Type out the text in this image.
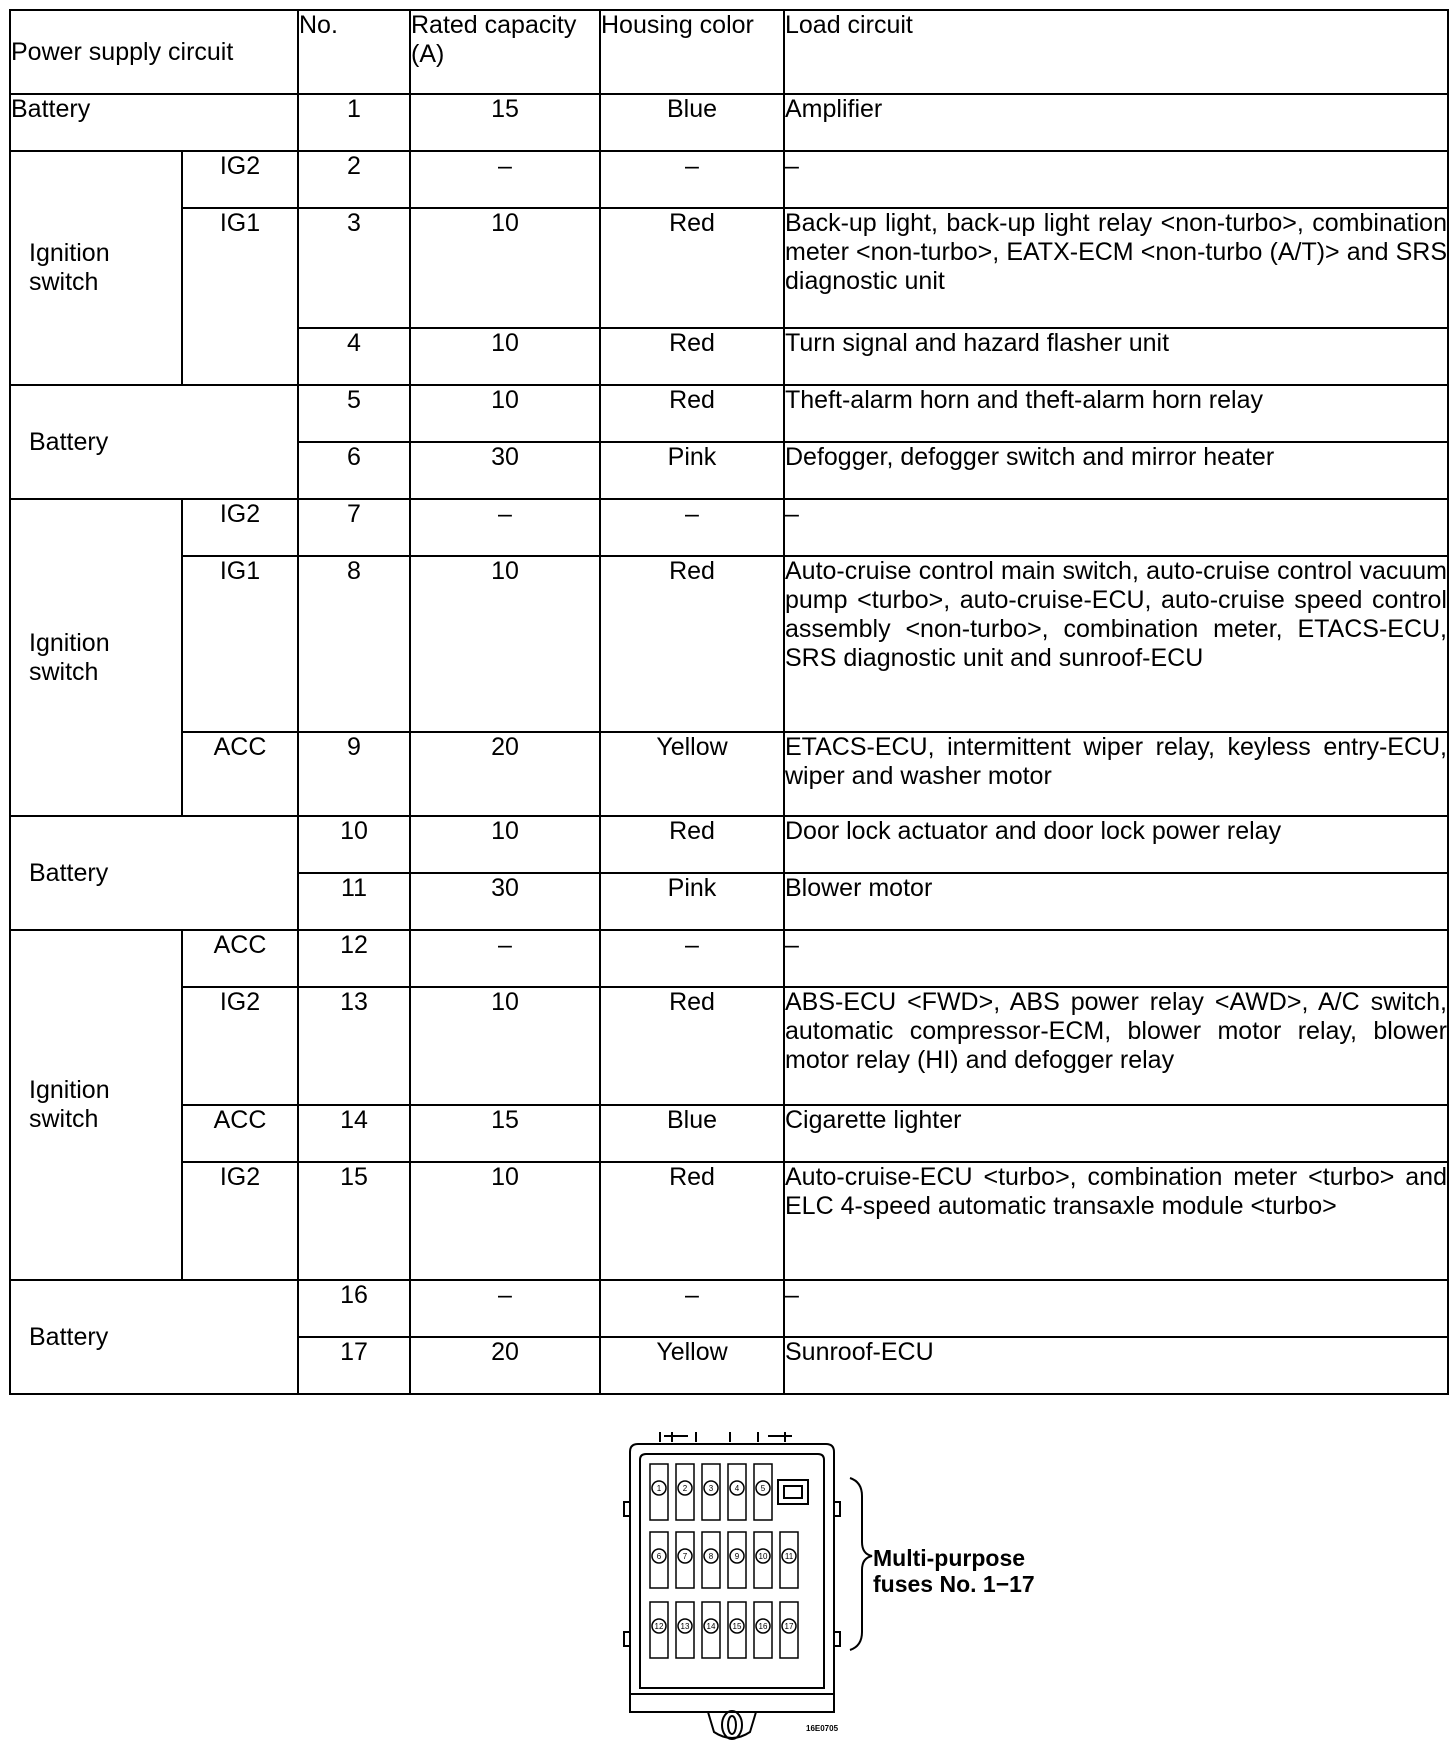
Power supply circuit		No.	Rated capacity (A)	Housing color	Load circuit
Battery		1	15	Blue	Amplifier
Ignition switch	IG2	2	–	–	–
	IG1	3	10	Red	Back-up light, back-up light relay <non-turbo>, combination meter <non-turbo>, EATX-ECM <non-turbo (A/T)> and SRS diagnostic unit
		4	10	Red	Turn signal and hazard flasher unit
Battery		5	10	Red	Theft-alarm horn and theft-alarm horn relay
		6	30	Pink	Defogger, defogger switch and mirror heater
Ignition switch	IG2	7	–	–	–
	IG1	8	10	Red	Auto-cruise control main switch, auto-cruise control vacuum pump <turbo>, auto-cruise-ECU, auto-cruise speed control assembly <non-turbo>, combination meter, ETACS-ECU, SRS diagnostic unit and sunroof-ECU
	ACC	9	20	Yellow	ETACS-ECU, intermittent wiper relay, keyless entry-ECU, wiper and washer motor
Battery		10	10	Red	Door lock actuator and door lock power relay
		11	30	Pink	Blower motor
Ignition switch	ACC	12	–	–	–
	IG2	13	10	Red	ABS-ECU <FWD>, ABS power relay <AWD>, A/C switch, automatic compressor-ECM, blower motor relay, blower motor relay (HI) and defogger relay
	ACC	14	15	Blue	Cigarette lighter
	IG2	15	10	Red	Auto-cruise-ECU <turbo>, combination meter <turbo> and ELC 4-speed automatic transaxle module <turbo>
Battery		16	–	–	–
		17	20	Yellow	Sunroof-ECU
1	2	3	4	5
6	7	8	9 10 11
12 13 14 15 16 17
Multi-purpose fuses No. 1−17
16E0705
